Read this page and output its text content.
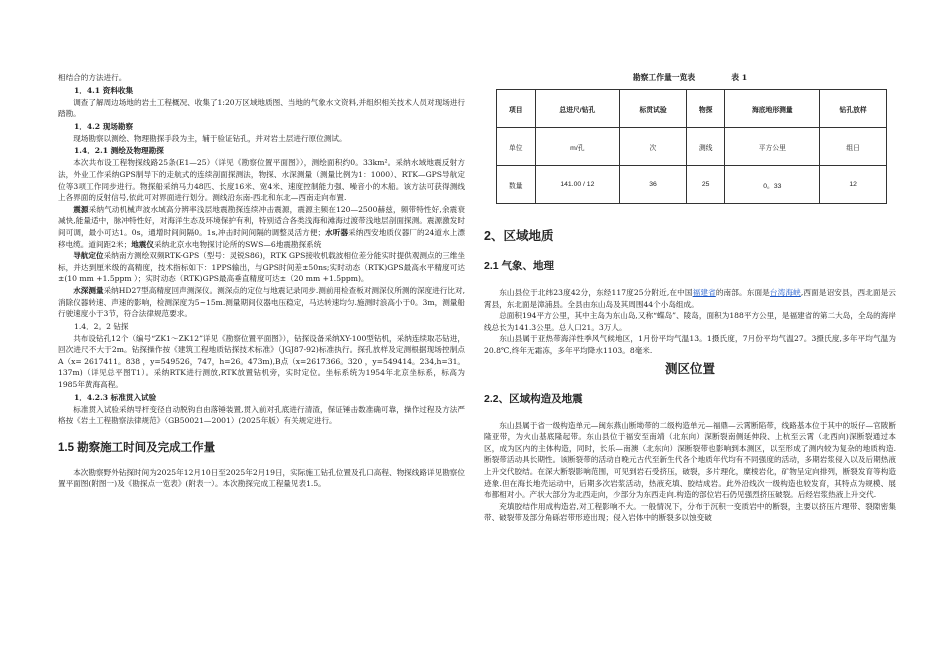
相结合的方法进行。

1．4.1 资料收集

调查了解周边场地的岩土工程概况、收集了1:20万区域地质图、当地的气象水文资料,并组织相关技术人员对现场进行踏勘。

1．4.2 现场勘察

现场勘察以测绘、物理勘探手段为主，辅于验证钻孔，并对岩土层进行原位测试。

1.4．2.1 测绘及物理勘探

本次共布设工程物探线路25条(E1—25）（详见《勘察位置平面图》），测绘面积约0。33km²。采纳水域地震反射方法，外业工作采纳GPS制导下的走航式的连续剖面探测法，物探、水深测量（测量比例为1：1000）、RTK—GPS导航定位等3项工作同步进行。物探船采纳马力48匹、长度16米、宽4米、速度控制能力强、噪音小的木船。该方法可获得测线上各界面的反射信号,依此可对界面进行划分。测线沿东南-西北和东北—西南走向布置.

震源采纳气动机械声波水域高分辨率浅层地震勘探连续冲击震源，震源主频在120—2500赫兹，频带特性好,余震衰减快,能量适中，脉冲特性好，对海洋生态及环境保护有利，特别适合各类浅海和滩海过渡带浅地层剖面探测。震源激发时间可调，最小可达1。0s，通增时间间隔0。1s,冲击时间间隔的调整灵活方便；水听器采纳西安地质仪器厂的24道水上漂移电缆。道间距2米；地震仪采纳北京水电物探讨论所的SWS—6地震勘探系统

导航定位采纳南方测绘双频RTK-GPS（型号：灵锐S86)，RTK GPS接收机载波相位差分能实时提供观测点的三维坐标，并达到厘米级的高精度，技术指标如下：1PPS输出，与GPS时间差±50ns;实时动态（RTK)GPS最高水平精度可达±(10 mm +1.5ppm ）；实时动态（RTK)GPS最高垂直精度可达±（20 mm +1.5ppm)。

水深测量采纳HD27型高精度回声测深仪。测深点的定位与地震记录同步.测前用检查板对测深仪所测的深度进行比对,消除仪器转速、声速的影响，检测深度为5~15m.测量期间仪器电压稳定，马达转速均匀.施测时浪高小于0。3m，测量船行驶速度小于3节，符合法律规范要求。

1.4．2。2 钻探

共布设钻孔12个（编号“ZK1～ZK12”详见《勘察位置平面图》），钻探设备采纳XY-100型钻机，采纳连续取芯钻进，回次进尺不大于2m。钻探操作按《建筑工程地质钻探技术标准》（JGJ87-92)标准执行。探孔放样及定测根据现场控制点A（x= 2617411。838 ，y=549526，747，h=26。473m),B点（x=2617366。320 ，y=549414。234,h=31。137m)（详见总平图T1）。采纳RTK进行测放,RTK放置钻机旁，实时定位。坐标系统为1954年北京坐标系，标高为1985年黄海高程。

1．4.2.3 标准贯入试验

标准贯入试验采纳导杆变径自动脱钩自由落锤装置,贯入前对孔底进行清渣，保证锤击数准确可靠，操作过程及方法严格按《岩土工程勘察法律规范》（GB50021—2001）(2025年版）有关规定进行。

1.5 勘察施工时间及完成工作量

本次勘察野外钻探时间为2025年12月10日至2025年2月19日，实际施工钻孔位置及孔口高程、物探线路详见勘察位置平面图(附图一)及《勘探点一览表》(附表一）。本次勘探完成工程量见表1.5。

勘察工作量一览表	表 1
项目	总进尺/钻孔	标贯试验	物探	海底地形测量	钻孔放样
单位	m/孔	次	测线	平方公里	组日
数量	141.00 / 12	36	25	0。33	12
2、区域地质
2.1 气象、地理

东山县位于北纬23度42分，东经117度25分附近,在中国福建省的南部。东面是台湾海峡,西面是诏安县，西北面是云霄县，东北面是漳浦县。全县由东山岛及其周围44个小岛组成。

总面积194平方公里，其中主岛为东山岛,又称“蝶岛”、陵岛，面积为188平方公里，是福建省的第二大岛，全岛的海岸线总长为141.3公里。总人口21。3万人。

东山县属于亚热带海洋性季风气候地区，1月份平均气温13。1摄氏度，7月份平均气温27。3摄氏度,多年平均气温为20.8℃,终年无霜冻，多年平均降水1103。8毫米.

测区位置
2.2、区域构造及地震

东山县属于省一级构造单元—闽东燕山断坳带的二级构造单元—福鼎—云霄断陷带，线路基本位于其中的坂仔—官陂断隆亚带，为火山基底隆起带。东山县位于福安至南靖（北东向）深断裂南侧延伸段、上杭至云霄（北西向)深断裂通过本区，成为区内的主体构造，同时，长乐—南澳（北东向）深断裂带也影响到本测区，以至形成了测内较为复杂的地质构造.断裂带活动具长期性。该断裂带的活动自晚元古代至新生代各个地质年代均有不同强度的活动，多期岩浆侵入以及后期热液上升交代胶结。在深大断裂影响范围，可见到岩石受挤压，破裂，多片理化，糜棱岩化，矿物呈定向排列，断裂发育等构造迹象.但在海长地壳运动中，后期多次岩浆活动，热液充填、胶结成岩。此外沿线次一级构造也较发育，其特点为规模、展布都相对小。产状大部分为北西走向，少部分为东西走向.构造的部位岩石仍见强烈挤压破裂。后经岩浆热液上升交代.

充填胶结作用成构造岩,对工程影响不大。一般情况下，分布于沉积一变质岩中的断裂，主要以挤压片理带、裂隙密集带、破裂带及部分角砾岩带形迹出现；侵入岩体中的断裂多以蚀变破
